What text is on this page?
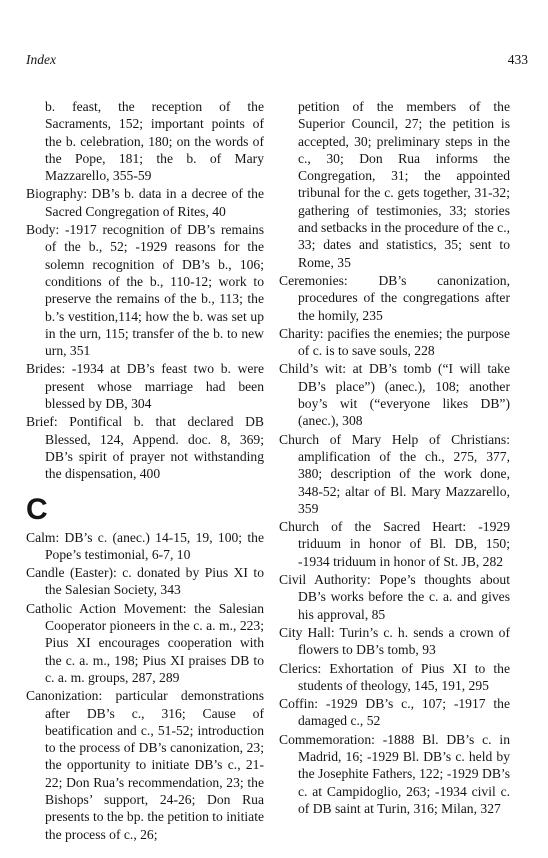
Index	433
b. feast, the reception of the Sacraments, 152; important points of the b. celebration, 180; on the words of the Pope, 181; the b. of Mary Mazzarello, 355-59
Biography: DB’s b. data in a decree of the Sacred Congregation of Rites, 40
Body: -1917 recognition of DB’s remains of the b., 52; -1929 reasons for the solemn recognition of DB’s b., 106; conditions of the b., 110-12; work to preserve the remains of the b., 113; the b.’s vestition,114; how the b. was set up in the urn, 115; transfer of the b. to new urn, 351
Brides: -1934 at DB’s feast two b. were present whose marriage had been blessed by DB, 304
Brief: Pontifical b. that declared DB Blessed, 124, Append. doc. 8, 369; DB’s spirit of prayer not withstanding the dispensation, 400
C
Calm: DB’s c. (anec.) 14-15, 19, 100; the Pope’s testimonial, 6-7, 10
Candle (Easter): c. donated by Pius XI to the Salesian Society, 343
Catholic Action Movement: the Salesian Cooperator pioneers in the c. a. m., 223; Pius XI encourages cooperation with the c. a. m., 198; Pius XI praises DB to c. a. m. groups, 287, 289
Canonization: particular demonstrations after DB’s c., 316; Cause of beatification and c., 51-52; introduction to the process of DB’s canonization, 23; the opportunity to initiate DB’s c., 21-22; Don Rua’s recommendation, 23; the Bishops’ support, 24-26; Don Rua presents to the bp. the petition to initiate the process of c., 26;
petition of the members of the Superior Council, 27; the petition is accepted, 30; preliminary steps in the c., 30; Don Rua informs the Congregation, 31; the appointed tribunal for the c. gets together, 31-32; gathering of testimonies, 33; stories and setbacks in the procedure of the c., 33; dates and statistics, 35; sent to Rome, 35
Ceremonies: DB’s canonization, procedures of the congregations after the homily, 235
Charity: pacifies the enemies; the purpose of c. is to save souls, 228
Child’s wit: at DB’s tomb (“I will take DB’s place”) (anec.), 108; another boy’s wit (“everyone likes DB”) (anec.), 308
Church of Mary Help of Christians: amplification of the ch., 275, 377, 380; description of the work done, 348-52; altar of Bl. Mary Mazzarello, 359
Church of the Sacred Heart: -1929 triduum in honor of Bl. DB, 150; -1934 triduum in honor of St. JB, 282
Civil Authority: Pope’s thoughts about DB’s works before the c. a. and gives his approval, 85
City Hall: Turin’s c. h. sends a crown of flowers to DB’s tomb, 93
Clerics: Exhortation of Pius XI to the students of theology, 145, 191, 295
Coffin: -1929 DB’s c., 107; -1917 the damaged c., 52
Commemoration: -1888 Bl. DB’s c. in Madrid, 16; -1929 Bl. DB’s c. held by the Josephite Fathers, 122; -1929 DB’s c. at Campidoglio, 263; -1934 civil c. of DB saint at Turin, 316; Milan, 327
